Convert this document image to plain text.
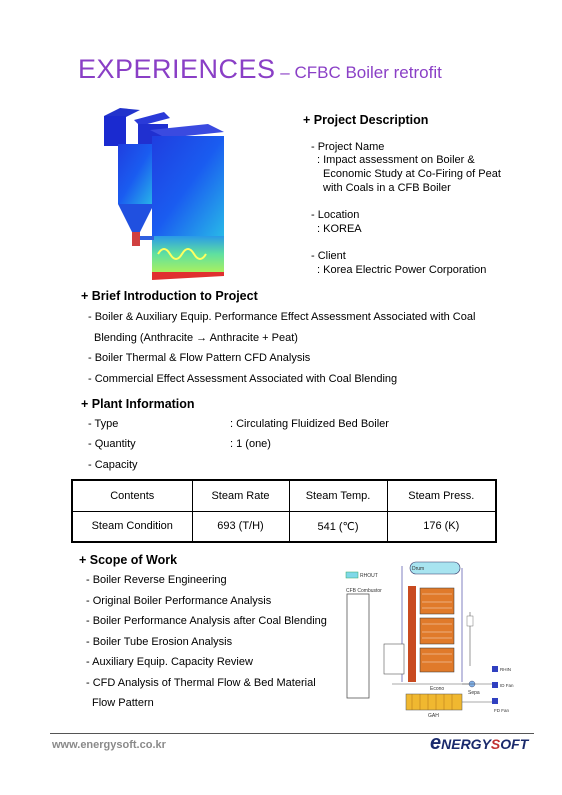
EXPERIENCES – CFBC Boiler retrofit
+ Project Description
- Project Name
: Impact assessment on Boiler &
Economic Study at Co-Firing of Peat
with Coals in a CFB Boiler
- Location
: KOREA
- Client
: Korea Electric Power Corporation
+ Brief Introduction to Project
- Boiler & Auxiliary Equip. Performance Effect Assessment Associated with Coal
Blending (Anthracite → Anthracite + Peat)
- Boiler Thermal & Flow Pattern CFD Analysis
- Commercial Effect Assessment Associated with Coal Blending
+ Plant Information
- Type	: Circulating Fluidized Bed Boiler
- Quantity	: 1 (one)
- Capacity
Contents	Steam Rate	Steam Temp.	Steam Press.
Steam Condition	693 (T/H)	541 (℃)	176 (K)
+ Scope of Work
- Boiler Reverse Engineering
- Original Boiler Performance Analysis
- Boiler Performance Analysis after Coal Blending
- Boiler Tube Erosion Analysis
- Auxiliary Equip. Capacity Review
- CFD Analysis of Thermal Flow & Bed Material
Flow Pattern
CFB Combustor
RHOUT
Drum
Econo
GAH
Sepa
RHIN
ID Fan
FD Fan
www.energysoft.co.kr	eNERGYSOFT
